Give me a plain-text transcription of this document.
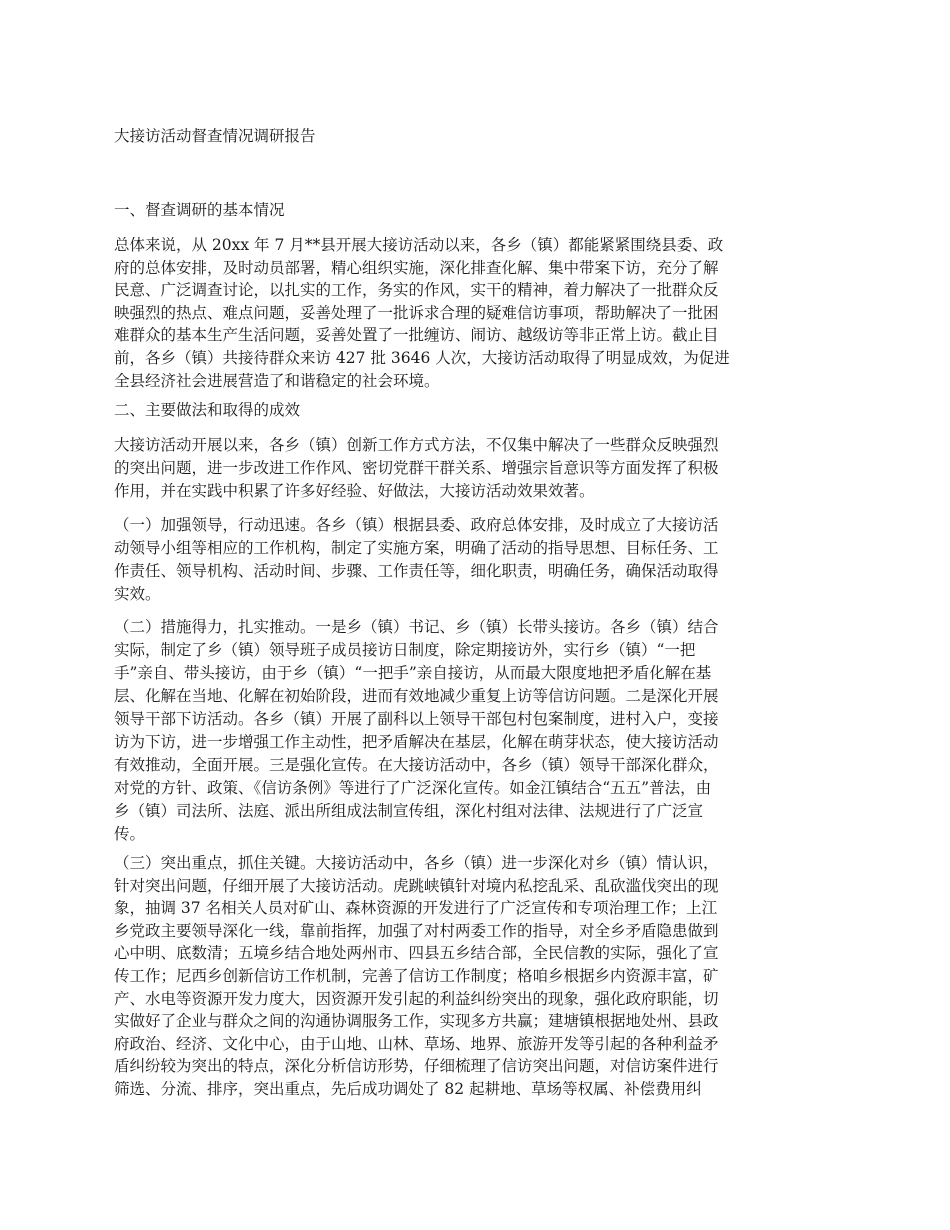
大接访活动督查情况调研报告
一、督查调研的基本情况
总体来说，从 20xx 年 7 月**县开展大接访活动以来，各乡（镇）都能紧紧围绕县委、政
府的总体安排，及时动员部署，精心组织实施，深化排查化解、集中带案下访，充分了解
民意、广泛调查讨论，以扎实的工作，务实的作风，实干的精神，着力解决了一批群众反
映强烈的热点、难点问题，妥善处理了一批诉求合理的疑难信访事项，帮助解决了一批困
难群众的基本生产生活问题，妥善处置了一批缠访、闹访、越级访等非正常上访。截止目
前，各乡（镇）共接待群众来访 427 批 3646 人次，大接访活动取得了明显成效，为促进
全县经济社会进展营造了和谐稳定的社会环境。
二、主要做法和取得的成效
大接访活动开展以来，各乡（镇）创新工作方式方法，不仅集中解决了一些群众反映强烈
的突出问题，进一步改进工作作风、密切党群干群关系、增强宗旨意识等方面发挥了积极
作用，并在实践中积累了许多好经验、好做法，大接访活动效果效著。
（一）加强领导，行动迅速。各乡（镇）根据县委、政府总体安排，及时成立了大接访活
动领导小组等相应的工作机构，制定了实施方案，明确了活动的指导思想、目标任务、工
作责任、领导机构、活动时间、步骤、工作责任等，细化职责，明确任务，确保活动取得
实效。
（二）措施得力，扎实推动。一是乡（镇）书记、乡（镇）长带头接访。各乡（镇）结合
实际，制定了乡（镇）领导班子成员接访日制度，除定期接访外，实行乡（镇）“一把
手”亲自、带头接访，由于乡（镇）“一把手”亲自接访，从而最大限度地把矛盾化解在基
层、化解在当地、化解在初始阶段，进而有效地减少重复上访等信访问题。二是深化开展
领导干部下访活动。各乡（镇）开展了副科以上领导干部包村包案制度，进村入户，变接
访为下访，进一步增强工作主动性，把矛盾解决在基层，化解在萌芽状态，使大接访活动
有效推动，全面开展。三是强化宣传。在大接访活动中，各乡（镇）领导干部深化群众，
对党的方针、政策、《信访条例》等进行了广泛深化宣传。如金江镇结合“五五”普法，由
乡（镇）司法所、法庭、派出所组成法制宣传组，深化村组对法律、法规进行了广泛宣
传。
（三）突出重点，抓住关键。大接访活动中，各乡（镇）进一步深化对乡（镇）情认识，
针对突出问题，仔细开展了大接访活动。虎跳峡镇针对境内私挖乱采、乱砍滥伐突出的现
象，抽调 37 名相关人员对矿山、森林资源的开发进行了广泛宣传和专项治理工作；上江
乡党政主要领导深化一线，靠前指挥，加强了对村两委工作的指导，对全乡矛盾隐患做到
心中明、底数清；五境乡结合地处两州市、四县五乡结合部，全民信教的实际，强化了宣
传工作；尼西乡创新信访工作机制，完善了信访工作制度；格咱乡根据乡内资源丰富，矿
产、水电等资源开发力度大，因资源开发引起的利益纠纷突出的现象，强化政府职能，切
实做好了企业与群众之间的沟通协调服务工作，实现多方共赢；建塘镇根据地处州、县政
府政治、经济、文化中心，由于山地、山林、草场、地界、旅游开发等引起的各种利益矛
盾纠纷较为突出的特点，深化分析信访形势，仔细梳理了信访突出问题，对信访案件进行
筛选、分流、排序，突出重点，先后成功调处了 82 起耕地、草场等权属、补偿费用纠
